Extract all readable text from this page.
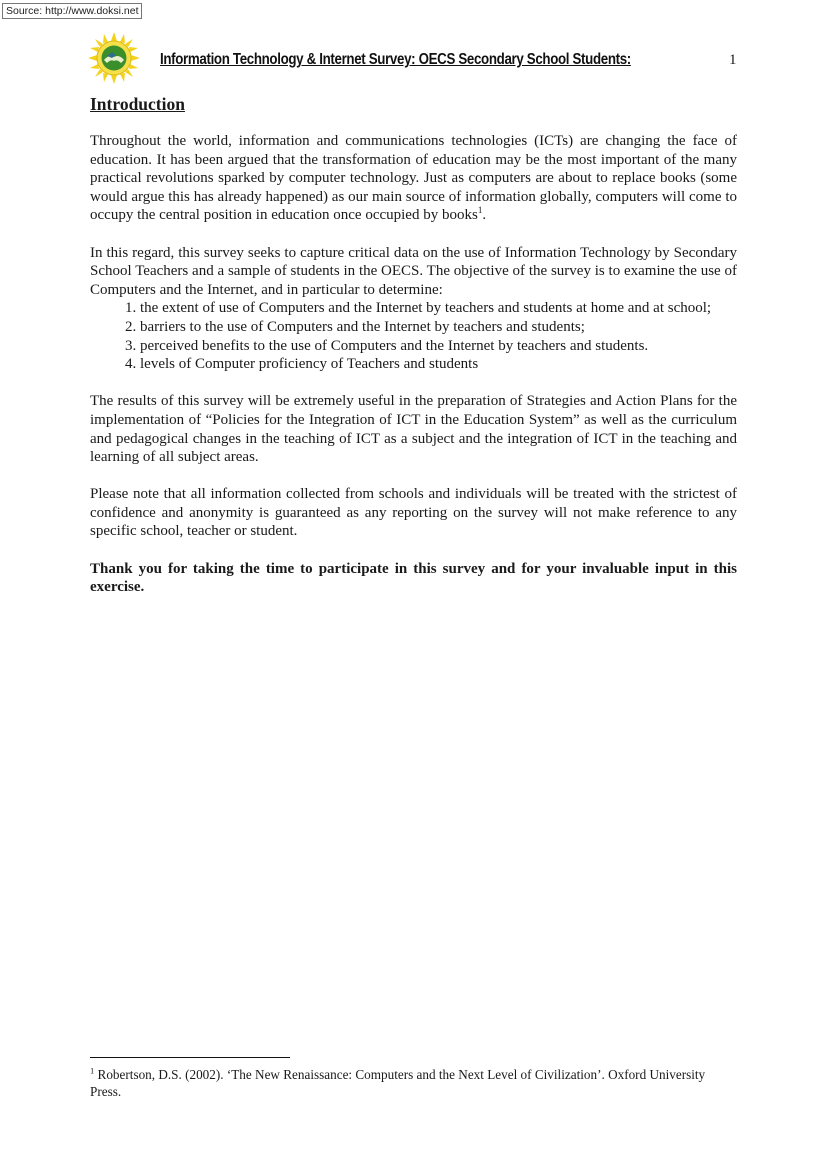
Source: http://www.doksi.net
Information Technology & Internet Survey: OECS Secondary School Students:	1
Introduction

Throughout the world, information and communications technologies (ICTs) are changing the face of education. It has been argued that the transformation of education may be the most important of the many practical revolutions sparked by computer technology. Just as computers are about to replace books (some would argue this has already happened) as our main source of information globally, computers will come to occupy the central position in education once occupied by books$^1$.

In this regard, this survey seeks to capture critical data on the use of Information Technology by Secondary School Teachers and a sample of students in the OECS. The objective of the survey is to examine the use of Computers and the Internet, and in particular to determine:

1. the extent of use of Computers and the Internet by teachers and students at home and at school;
2. barriers to the use of Computers and the Internet by teachers and students;
3. perceived benefits to the use of Computers and the Internet by teachers and students.
4. levels of Computer proficiency of Teachers and students

The results of this survey will be extremely useful in the preparation of Strategies and Action Plans for the implementation of “Policies for the Integration of ICT in the Education System” as well as the curriculum and pedagogical changes in the teaching of ICT as a subject and the integration of ICT in the teaching and learning of all subject areas.

Please note that all information collected from schools and individuals will be treated with the strictest of confidence and anonymity is guaranteed as any reporting on the survey will not make reference to any specific school, teacher or student.

Thank you for taking the time to participate in this survey and for your invaluable input in this exercise.

$^1$ Robertson, D.S. (2002). ‘The New Renaissance: Computers and the Next Level of Civilization’. Oxford University Press.
